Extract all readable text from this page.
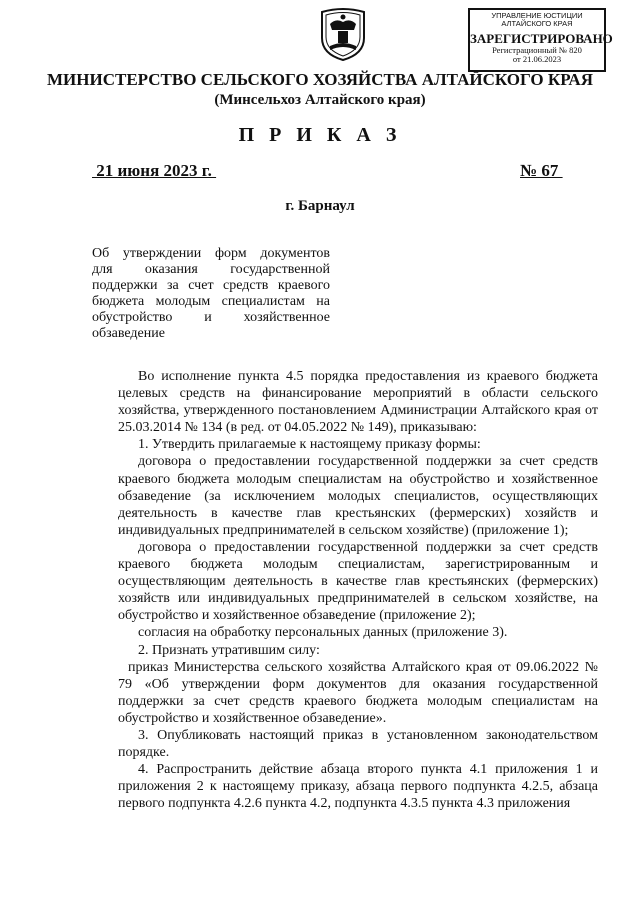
УПРАВЛЕНИЕ ЮСТИЦИИ
АЛТАЙСКОГО КРАЯ
ЗАРЕГИСТРИРОВАНО
Регистрационный № 820
от 21.06.2023
МИНИСТЕРСТВО СЕЛЬСКОГО ХОЗЯЙСТВА АЛТАЙСКОГО КРАЯ
(Минсельхоз Алтайского края)
П Р И К А З
21 июня 2023 г.	№ 67
г. Барнаул
Об утверждении форм документов
для оказания государственной
поддержки за счет средств краевого
бюджета молодым специалистам на
обустройство и хозяйственное
обзаведение

Во исполнение пункта 4.5 порядка предоставления из краевого бюджета целевых средств на финансирование мероприятий в области сельского хозяйства, утвержденного постановлением Администрации Алтайского края от 25.03.2014 № 134 (в ред. от 04.05.2022 № 149), приказываю:

1. Утвердить прилагаемые к настоящему приказу формы:

договора о предоставлении государственной поддержки за счет средств краевого бюджета молодым специалистам на обустройство и хозяйственное обзаведение (за исключением молодых специалистов, осуществляющих деятельность в качестве глав крестьянских (фермерских) хозяйств и индивидуальных предпринимателей в сельском хозяйстве) (приложение 1);

договора о предоставлении государственной поддержки за счет средств краевого бюджета молодым специалистам, зарегистрированным и осуществляющим деятельность в качестве глав крестьянских (фермерских) хозяйств или индивидуальных предпринимателей в сельском хозяйстве, на обустройство и хозяйственное обзаведение (приложение 2);

согласия на обработку персональных данных (приложение 3).

2. Признать утратившим силу:

приказ Министерства сельского хозяйства Алтайского края от 09.06.2022 № 79 «Об утверждении форм документов для оказания государственной поддержки за счет средств краевого бюджета молодым специалистам на обустройство и хозяйственное обзаведение».

3. Опубликовать настоящий приказ в установленном законодательством порядке.

4. Распространить действие абзаца второго пункта 4.1 приложения 1 и приложения 2 к настоящему приказу, абзаца первого подпункта 4.2.5, абзаца первого подпункта 4.2.6 пункта 4.2, подпункта 4.3.5 пункта 4.3 приложения
